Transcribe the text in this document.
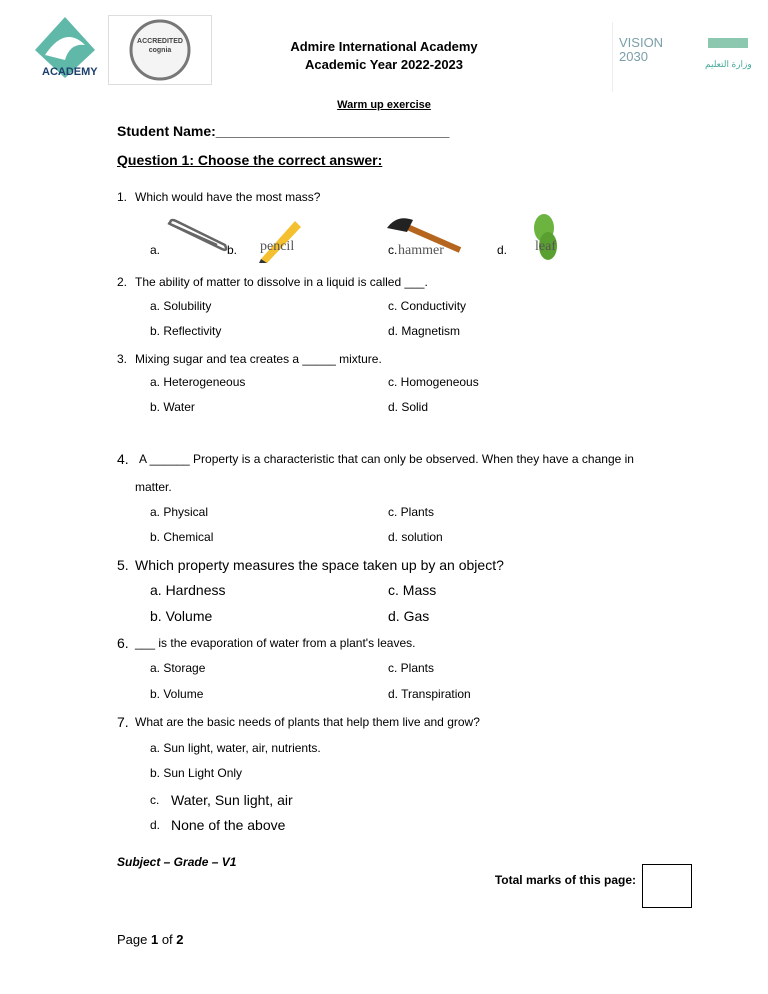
ACADEMY
ACCREDITED cognia	Admire International Academy
Academic Year 2022-2023	وزارة التعليم
VISION 2030
Warm up exercise
Student Name:______________________________
Question 1: Choose the correct answer:
1. Which would have the most mass?
a.	b. pencil	c. hammer	d. leaf
2. The ability of matter to dissolve in a liquid is called ___.
a. Solubility
b. Reflectivity
c. Conductivity
d. Magnetism
3. Mixing sugar and tea creates a _____ mixture.
a. Heterogeneous
b. Water
c. Homogeneous
d. Solid
4. A ______ Property is a characteristic that can only be observed. When they have a change in
matter.
a. Physical
b. Chemical
c. Plants
d. solution
5. Which property measures the space taken up by an object?
a. Hardness
b. Volume
c. Mass
d. Gas
6. ___ is the evaporation of water from a plant's leaves.
a. Storage
b. Volume
c. Plants
d. Transpiration
7. What are the basic needs of plants that help them live and grow?
a. Sun light, water, air, nutrients.
b. Sun Light Only
c. Water, Sun light, air
d. None of the above
Subject – Grade – V1
Total marks of this page:
Page 1 of 2
